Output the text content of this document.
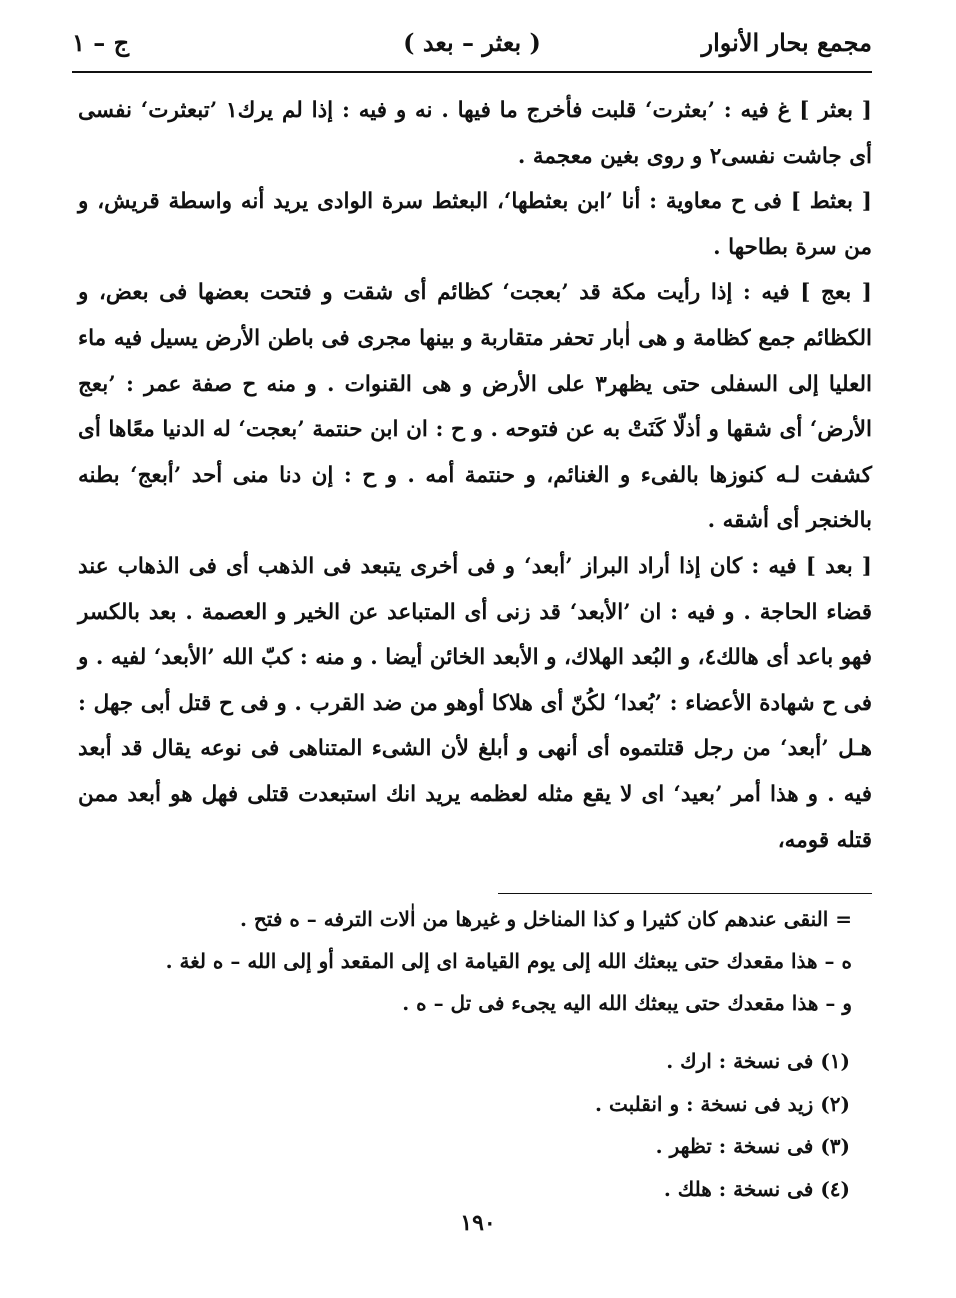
مجمع بحار الأنوار
( بعثر – بعد )
ج – ١

[ بعثر ] غ فيه : ’بعثرت‘ قلبت فأخرج ما فيها . نه و فيه : إذا لم يرك١ ’تبعثرت‘ نفسى أى جاشت نفسى٢ و روى بغين معجمة .

[ بعثط ] فى ح معاوية : أنا ’ابن بعثطها‘، البعثط سرة الوادى يريد أنه واسطة قريش، و من سرة بطاحها .

[ بعج ] فيه : إذا رأيت مكة قد ’بعجت‘ كظائم أى شقت و فتحت بعضها فى بعض، و الكظائم جمع كظامة و هى اٰبار تحفر متقاربة و بينها مجرى فى باطن الأرض يسيل فيه ماء العليا إلى السفلى حتى يظهر٣ على الأرض و هى القنوات . و منه ح صفة عمر : ’بعج الأرض‘ أى شقها و أذلّا كَنَتْ به عن فتوحه . و ح : ان ابن حنتمة ’بعجت‘ له الدنيا معًاها أى كشفت لـه كنوزها بالفىء و الغنائم، و حنتمة أمه . و ح : إن دنا منى أحد ’أبعج‘ بطنه بالخنجر أى أشقه .

[ بعد ] فيه : كان إذا أراد البراز ’أبعد‘ و فى أخرى يتبعد فى الذهب أى فى الذهاب عند قضاء الحاجة . و فيه : ان ’الأبعد‘ قد زنى أى المتباعد عن الخير و العصمة . بعد بالكسر فهو باعد أى هالك٤، و البُعد الهلاك، و الأبعد الخائن أيضا . و منه : كبّ الله ’الأبعد‘ لفيه . و فى ح شهادة الأعضاء : ’بُعدا‘ لكُنّ أى هلاكا أوهو من ضد القرب . و فى ح قتل أبى جهل : هـل ’أبعد‘ من رجل قتلتموه أى أنهى و أبلغ لأن الشىء المتناهى فى نوعه يقال قد أبعد فيه . و هذا أمر ’بعيد‘ اى لا يقع مثله لعظمه يريد انك استبعدت قتلى فهل هو أبعد ممن قتله قومه،

= النقى عندهم كان كثيرا و كذا المناخل و غيرها من اٰلات الترفه – ه فتح .

ه – هذا مقعدك حتى يبعثك الله إلى يوم القيامة اى إلى المقعد أو إلى الله – ه لغة .

و – هذا مقعدك حتى يبعثك الله اليه يجىء فى تل – ه .

(١) فى نسخة : ارك .

(٢) زيد فى نسخة : و انقلبت .

(٣) فى نسخة : تظهر .

(٤) فى نسخة : هلك .

١٩٠
